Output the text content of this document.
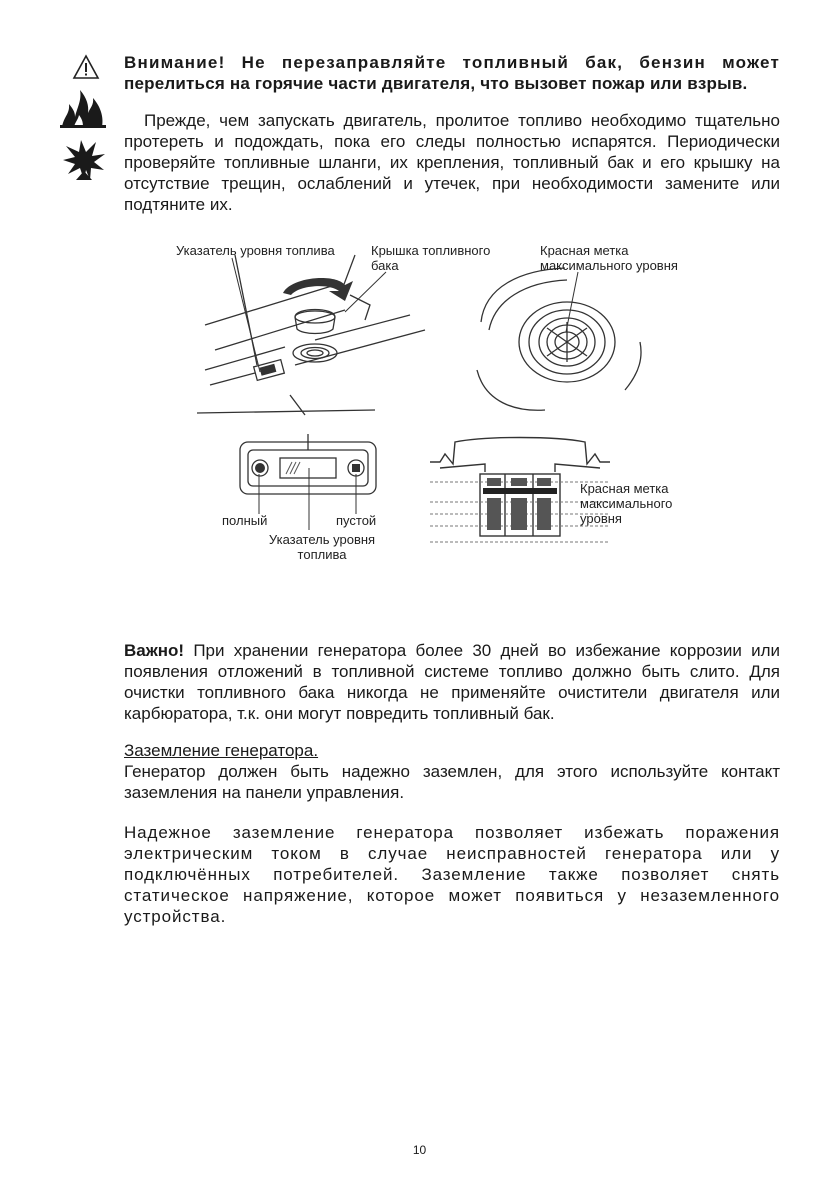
Внимание! Не перезаправляйте топливный бак, бензин может перелиться на горячие части двигателя, что вызовет пожар или взрыв.

Прежде, чем запускать двигатель, пролитое топливо необходимо тщательно протереть и подождать, пока его следы полностью испарятся. Периодически проверяйте топливные шланги, их крепления, топливный бак и его крышку на отсутствие трещин, ослаблений и утечек, при необходимости замените или подтяните их.

Указатель уровня топлива	Крышка топливного бака
Красная метка максимального уровня
полный	пустой
Указатель уровня топлива
Красная метка максимального уровня

Важно! При хранении генератора более 30 дней во избежание коррозии или появления отложений в топливной системе топливо должно быть слито. Для очистки топливного бака никогда не применяйте очистители двигателя или карбюратора, т.к. они могут повредить топливный бак.

Заземление генератора.
Генератор должен быть надежно заземлен, для этого используйте контакт заземления на панели управления.

Надежное заземление генератора позволяет избежать поражения электрическим током в случае неисправностей генератора или у подключённых потребителей. Заземление также позволяет снять статическое напряжение, которое может появиться у незаземленного устройства.

10
